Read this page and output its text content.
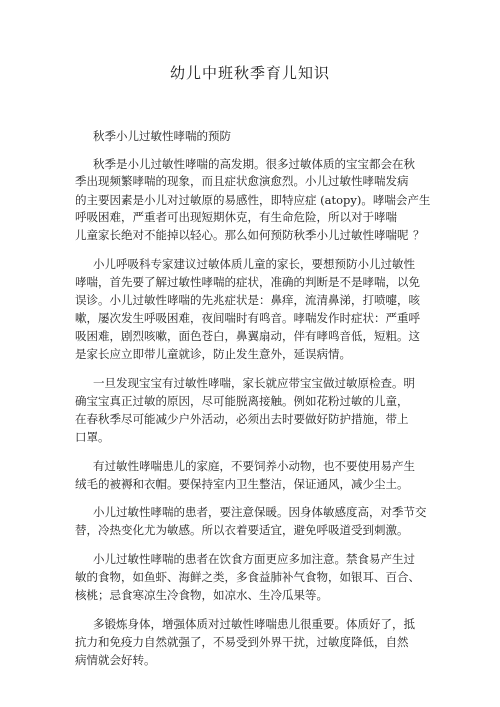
幼儿中班秋季育儿知识
秋季小儿过敏性哮喘的预防
秋季是小儿过敏性哮喘的高发期。很多过敏体质的宝宝都会在秋
季出现频繁哮喘的现象，而且症状愈演愈烈。小儿过敏性哮喘发病
的主要因素是小儿对过敏原的易感性，即特应症 (atopy)。哮喘会产生
呼吸困难，严重者可出现短期休克，有生命危险，所以对于哮喘
儿童家长绝对不能掉以轻心。那么如何预防秋季小儿过敏性哮喘呢 ？
小儿呼吸科专家建议过敏体质儿童的家长，要想预防小儿过敏性
哮喘，首先要了解过敏性哮喘的症状，准确的判断是不是哮喘，以免
误诊。小儿过敏性哮喘的先兆症状是：鼻痒，流清鼻涕，打喷嚏，咳
嗽，屡次发生呼吸困难，夜间喘时有鸣音。哮喘发作时症状：严重呼
吸困难，剧烈咳嗽，面色苍白，鼻翼扇动，伴有哮鸣音低，短粗。这
是家长应立即带儿童就诊，防止发生意外，延误病情。
一旦发现宝宝有过敏性哮喘，家长就应带宝宝做过敏原检查。明
确宝宝真正过敏的原因，尽可能脱离接触。例如花粉过敏的儿童，
在春秋季尽可能减少户外活动，必须出去时要做好防护措施，带上
口罩。
有过敏性哮喘患儿的家庭，不要饲养小动物，也不要使用易产生
绒毛的被褥和衣帽。要保持室内卫生整洁，保证通风，减少尘土。
小儿过敏性哮喘的患者，要注意保暖。因身体敏感度高，对季节交
替，冷热变化尤为敏感。所以衣着要适宜，避免呼吸道受到刺激。
小儿过敏性哮喘的患者在饮食方面更应多加注意。禁食易产生过
敏的食物，如鱼虾、海鲜之类，多食益肺补气食物，如银耳、百合、
核桃；忌食寒凉生冷食物，如凉水、生冷瓜果等。
多锻炼身体，增强体质对过敏性哮喘患儿很重要。体质好了，抵
抗力和免疫力自然就强了，不易受到外界干扰，过敏度降低，自然
病情就会好转。
